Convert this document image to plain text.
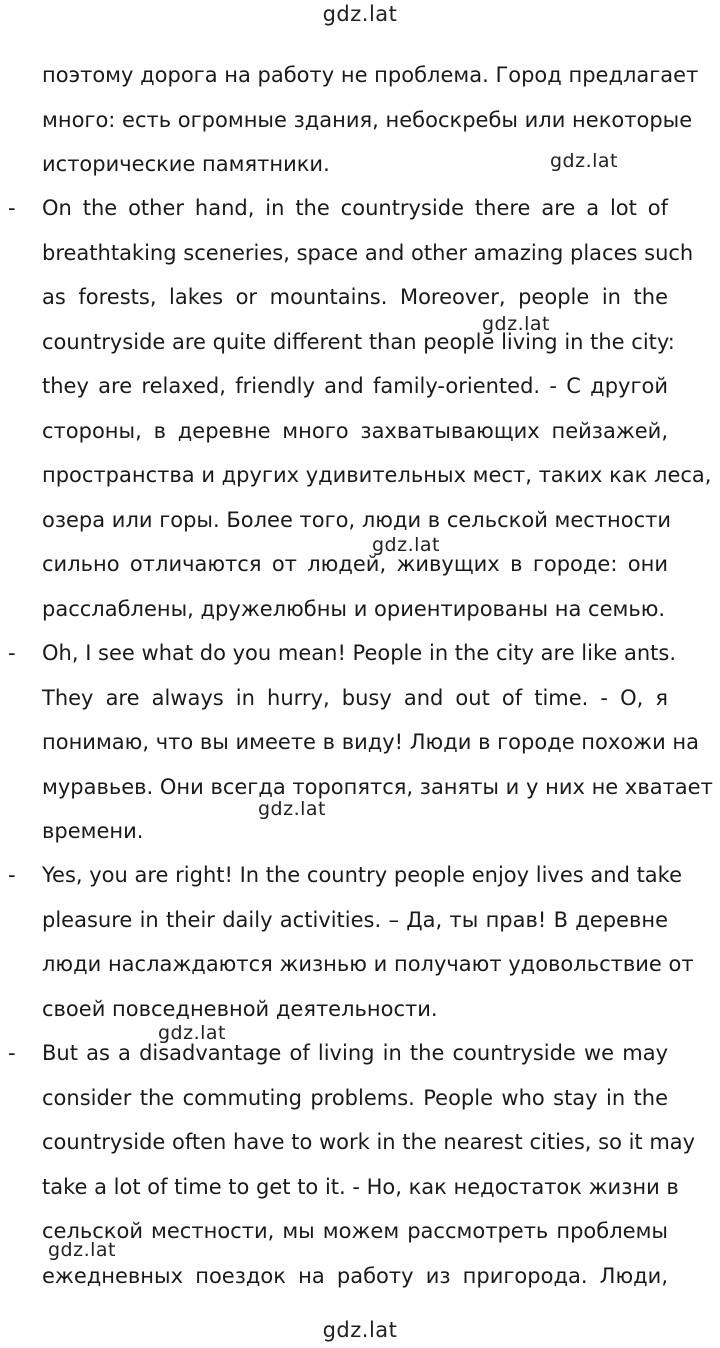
gdz.lat
поэтому дорога на работу не проблема. Город предлагает
много: есть огромные здания, небоскребы или некоторые
исторические памятники.
- On the other hand, in the countryside there are a lot of
breathtaking sceneries, space and other amazing places such
as forests, lakes or mountains. Moreover, people in the
countryside are quite different than people living in the city:
they are relaxed, friendly and family-oriented. - С другой
стороны, в деревне много захватывающих пейзажей,
пространства и других удивительных мест, таких как леса,
озера или горы. Более того, люди в сельской местности
сильно отличаются от людей, живущих в городе: они
расслаблены, дружелюбны и ориентированы на семью.
- Oh, I see what do you mean! People in the city are like ants.
They are always in hurry, busy and out of time. - О, я
понимаю, что вы имеете в виду! Люди в городе похожи на
муравьев. Они всегда торопятся, заняты и у них не хватает
времени.
- Yes, you are right! In the country people enjoy lives and take
pleasure in their daily activities. – Да, ты прав! В деревне
люди наслаждаются жизнью и получают удовольствие от
своей повседневной деятельности.
- But as a disadvantage of living in the countryside we may
consider the commuting problems. People who stay in the
countryside often have to work in the nearest cities, so it may
take a lot of time to get to it. - Но, как недостаток жизни в
сельской местности, мы можем рассмотреть проблемы
ежедневных поездок на работу из пригорода. Люди,
gdz.lat
gdz.lat
gdz.lat
gdz.lat
gdz.lat
gdz.lat
gdz.lat
